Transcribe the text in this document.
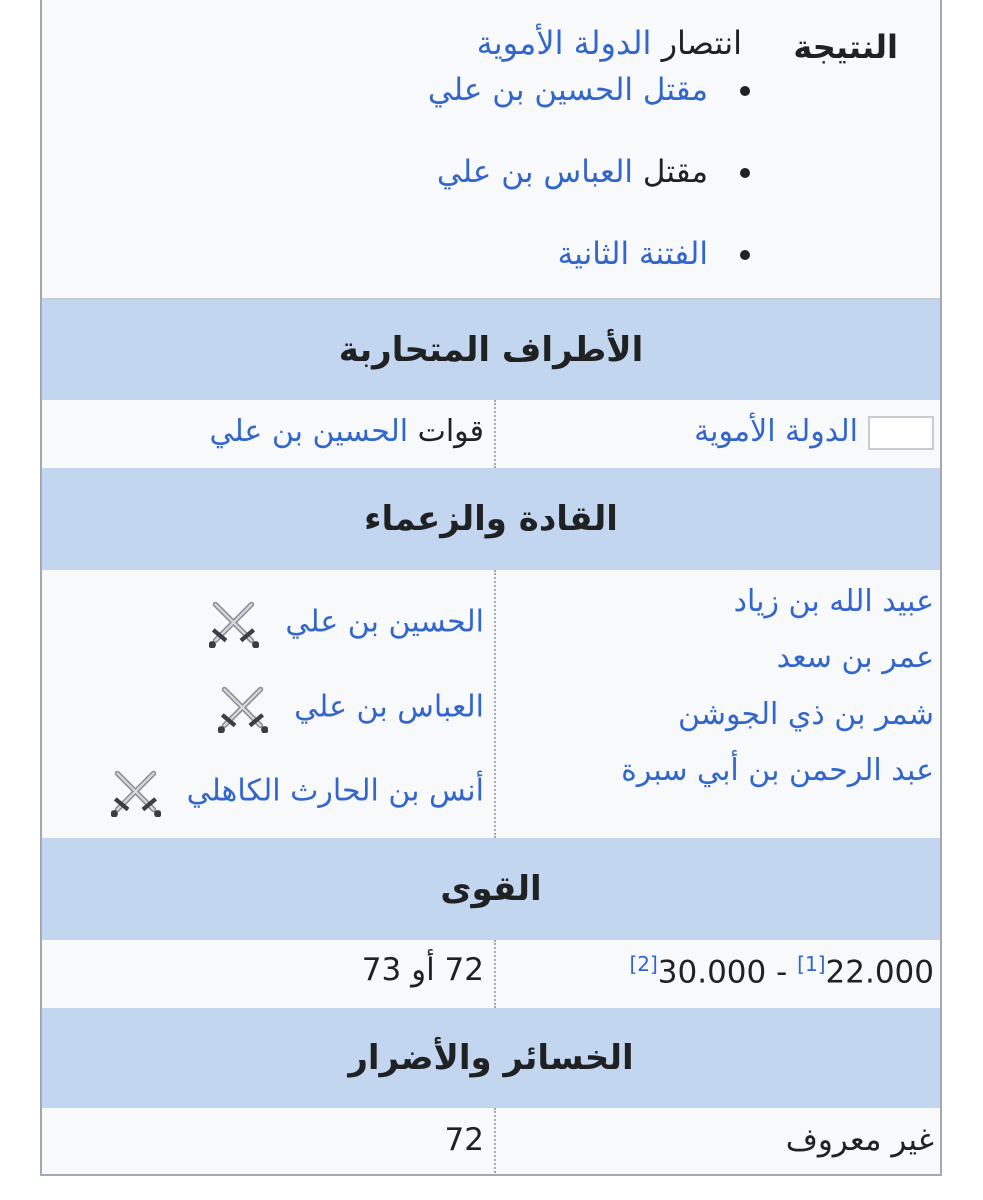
النتيجة
انتصار الدولة الأموية
مقتل الحسين بن علي
مقتل العباس بن علي
الفتنة الثانية
الأطراف المتحاربة
الدولة الأموية
قوات الحسين بن علي
القادة والزعماء
عبيد الله بن زياد
عمر بن سعد
شمر بن ذي الجوشن
عبد الرحمن بن أبي سبرة
الحسين بن علي
العباس بن علي
أنس بن الحارث الكاهلي
القوى
[2]30.000 - [1]22.000
72 أو 73
الخسائر والأضرار
غير معروف
72
